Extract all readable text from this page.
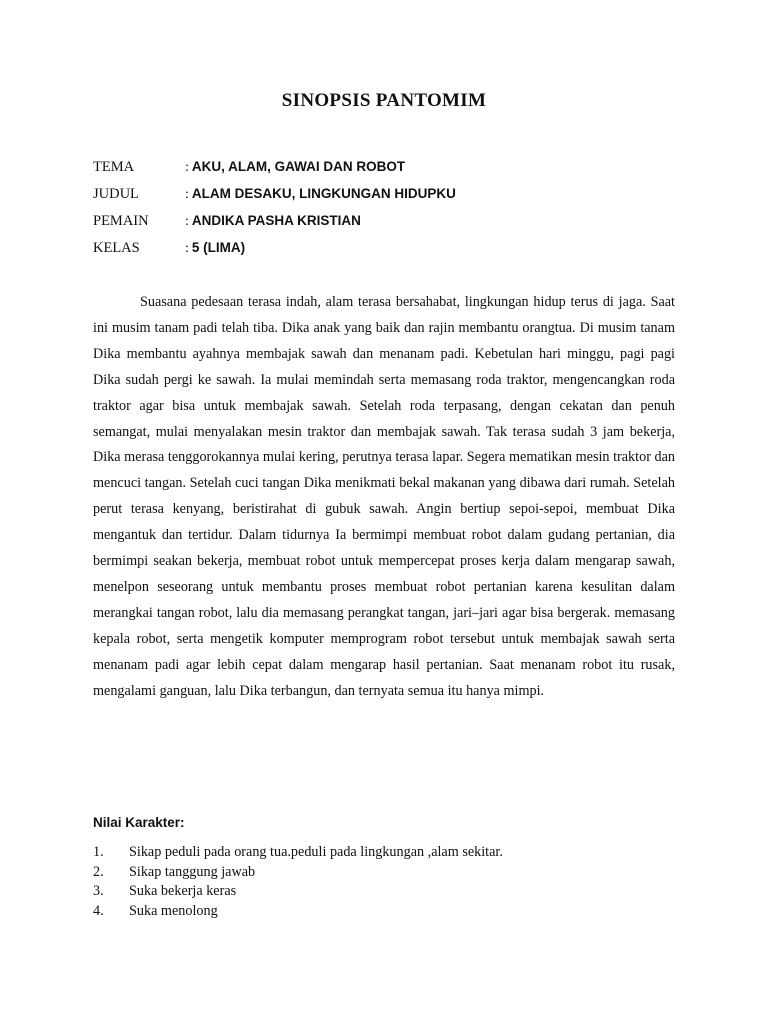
SINOPSIS PANTOMIM
TEMA	: AKU, ALAM, GAWAI DAN ROBOT
JUDUL	: ALAM DESAKU, LINGKUNGAN HIDUPKU
PEMAIN	: ANDIKA PASHA KRISTIAN
KELAS	: 5 (LIMA)

Suasana pedesaan terasa indah, alam terasa bersahabat, lingkungan hidup terus di jaga. Saat ini musim tanam padi telah tiba. Dika anak yang baik dan rajin membantu orangtua. Di musim tanam Dika membantu ayahnya membajak sawah dan menanam padi. Kebetulan hari minggu, pagi pagi Dika sudah pergi ke sawah. Ia mulai memindah serta memasang roda traktor, mengencangkan roda traktor agar bisa untuk membajak sawah. Setelah roda terpasang, dengan cekatan dan penuh semangat, mulai menyalakan mesin traktor dan membajak sawah. Tak terasa sudah 3 jam bekerja, Dika merasa tenggorokannya mulai kering, perutnya terasa lapar. Segera mematikan mesin traktor dan mencuci tangan. Setelah cuci tangan Dika menikmati bekal makanan yang dibawa dari rumah. Setelah perut terasa kenyang, beristirahat di gubuk sawah. Angin bertiup sepoi-sepoi, membuat Dika mengantuk dan tertidur. Dalam tidurnya Ia bermimpi membuat robot dalam gudang pertanian, dia bermimpi seakan bekerja, membuat robot untuk mempercepat proses kerja dalam mengarap sawah, menelpon seseorang untuk membantu proses membuat robot pertanian karena kesulitan dalam merangkai tangan robot, lalu dia memasang perangkat tangan, jari–jari agar bisa bergerak. memasang kepala robot, serta mengetik komputer memprogram robot tersebut untuk membajak sawah serta menanam padi agar lebih cepat dalam mengarap hasil pertanian. Saat menanam robot itu rusak, mengalami ganguan, lalu Dika terbangun, dan ternyata semua itu hanya mimpi.

Nilai Karakter:
1. Sikap peduli pada orang tua.peduli pada lingkungan ,alam sekitar.
2. Sikap tanggung jawab
3. Suka bekerja keras
4. Suka menolong
